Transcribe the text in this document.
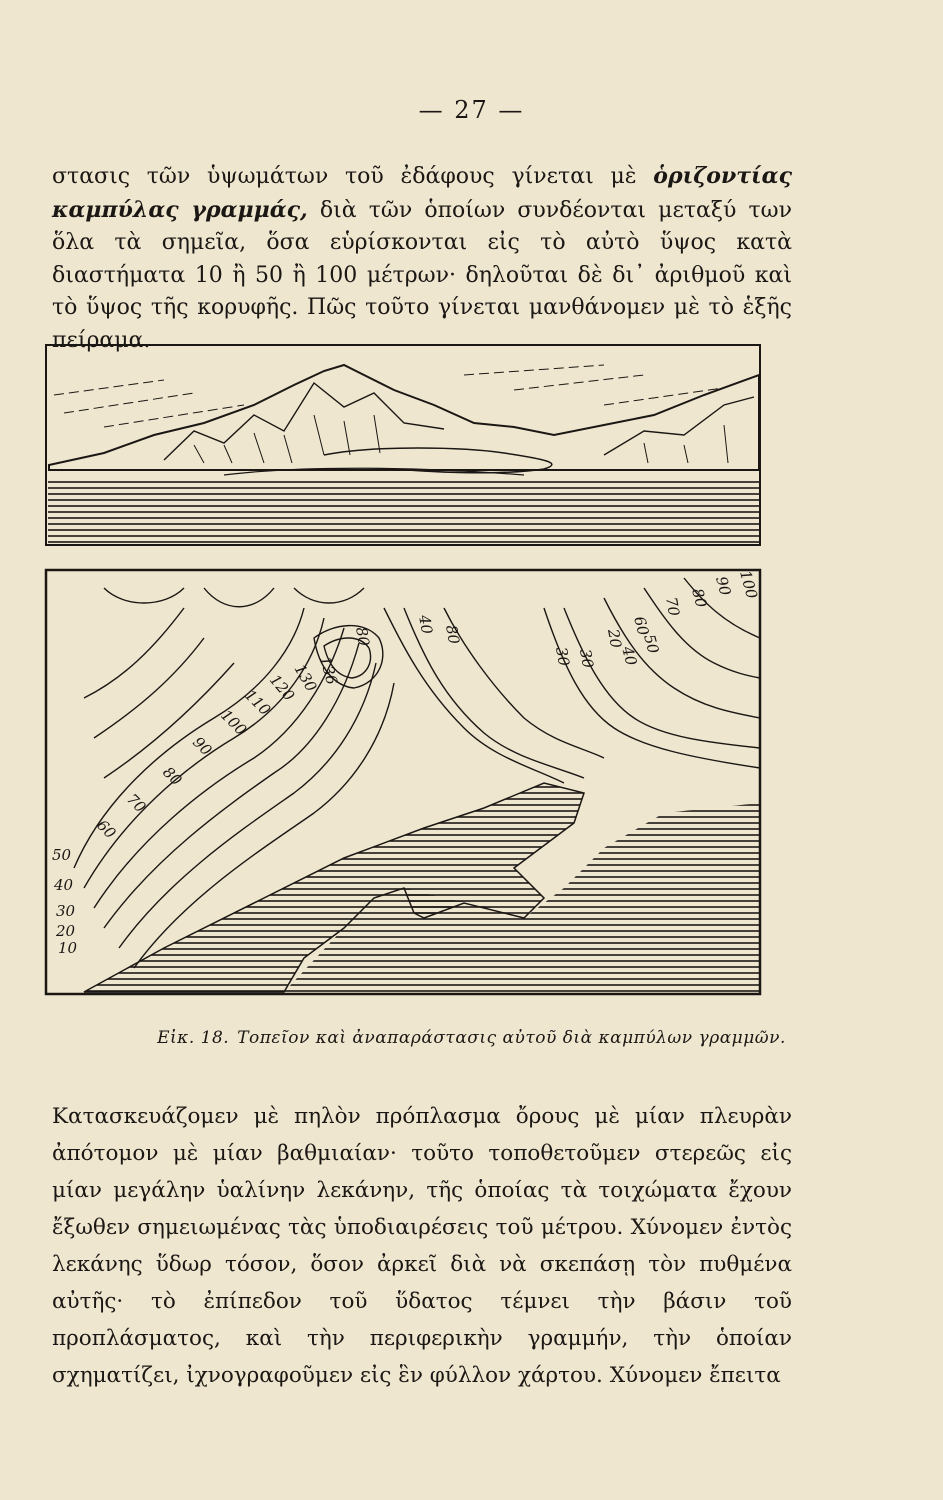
— 27 —

στασις τῶν ὑψωμάτων τοῦ ἐδάφους γίνεται μὲ ὁριζοντίας καμπύλας γραμμάς, διὰ τῶν ὁποίων συνδέονται μεταξύ των ὅλα τὰ σημεῖα, ὅσα εὑρίσκονται εἰς τὸ αὐτὸ ὕψος κατὰ διαστήματα 10 ἢ 50 ἢ 100 μέτρων· δηλοῦται δὲ δι᾽ ἀριθμοῦ καὶ τὸ ὕψος τῆς κορυφῆς. Πῶς τοῦτο γίνεται μανθάνομεν μὲ τὸ ἑξῆς πείραμα.

136
130
120
110
100
90
80
70
60
50
40
30
20
10
80
40 80
30 30
20
70
60
50
40
80
90 100
Εἰκ. 18. Τοπεῖον καὶ ἀναπαράστασις αὐτοῦ διὰ καμπύλων γραμμῶν.

Κατασκευάζομεν μὲ πηλὸν πρόπλασμα ὄρους μὲ μίαν πλευρὰν ἀπότομον μὲ μίαν βαθμιαίαν· τοῦτο τοποθετοῦμεν στερεῶς εἰς μίαν μεγάλην ὑαλίνην λεκάνην, τῆς ὁποίας τὰ τοιχώματα ἔχουν ἔξωθεν σημειωμένας τὰς ὑποδιαιρέσεις τοῦ μέτρου. Χύνομεν ἐντὸς λεκάνης ὕδωρ τόσον, ὅσον ἀρκεῖ διὰ νὰ σκεπάσῃ τὸν πυθμένα αὐτῆς· τὸ ἐπίπεδον τοῦ ὕδατος τέμνει τὴν βάσιν τοῦ προπλάσματος, καὶ τὴν περιφερικὴν γραμμήν, τὴν ὁποίαν σχηματίζει, ἰχνογραφοῦμεν εἰς ἓν φύλλον χάρτου. Χύνομεν ἔπειτα
